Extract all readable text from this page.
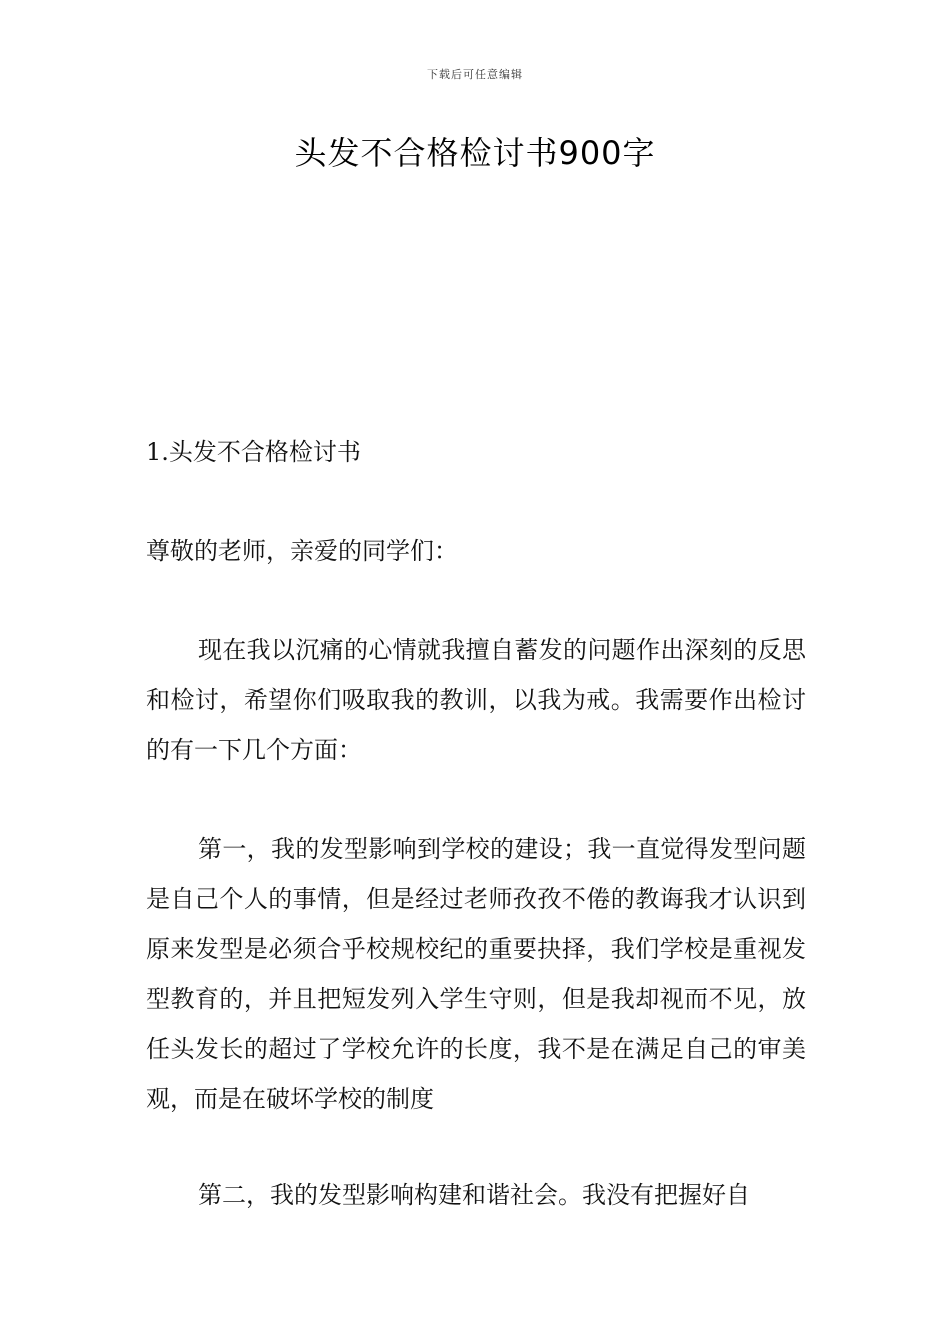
下载后可任意编辑
头发不合格检讨书900字
1.头发不合格检讨书

尊敬的老师，亲爱的同学们：

现在我以沉痛的心情就我擅自蓄发的问题作出深刻的反思和检讨，希望你们吸取我的教训，以我为戒。我需要作出检讨的有一下几个方面：

第一，我的发型影响到学校的建设；我一直觉得发型问题是自己个人的事情，但是经过老师孜孜不倦的教诲我才认识到原来发型是必须合乎校规校纪的重要抉择，我们学校是重视发型教育的，并且把短发列入学生守则，但是我却视而不见，放任头发长的超过了学校允许的长度，我不是在满足自己的审美观，而是在破坏学校的制度

第二，我的发型影响构建和谐社会。我没有把握好自
